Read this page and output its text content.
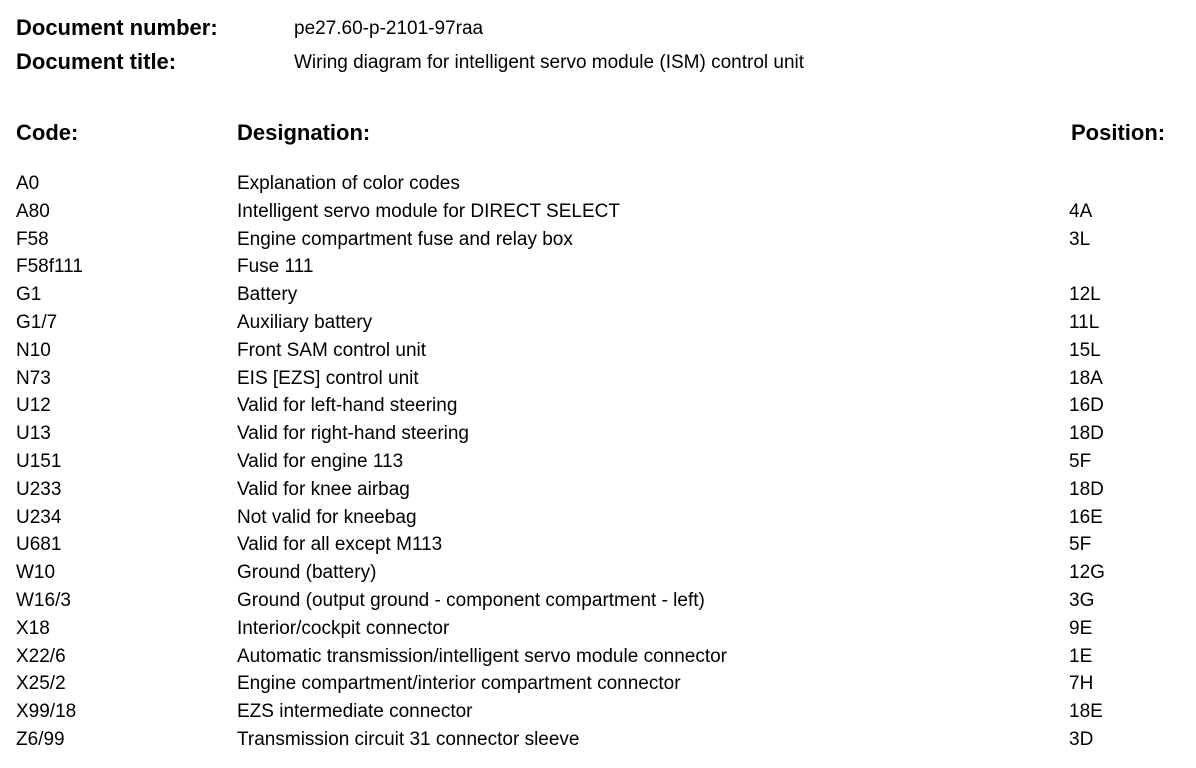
Document number:	pe27.60-p-2101-97raa
Document title:	Wiring diagram for intelligent servo module (ISM) control unit
Code:	Designation:	Position:
A0	Explanation of color codes
A80	Intelligent servo module for DIRECT SELECT	4A
F58	Engine compartment fuse and relay box	3L
F58f111	Fuse 111
G1	Battery	12L
G1/7	Auxiliary battery	11L
N10	Front SAM control unit	15L
N73	EIS [EZS] control unit	18A
U12	Valid for left-hand steering	16D
U13	Valid for right-hand steering	18D
U151	Valid for engine 113	5F
U233	Valid for knee airbag	18D
U234	Not valid for kneebag	16E
U681	Valid for all except M113	5F
W10	Ground (battery)	12G
W16/3	Ground (output ground - component compartment - left)	3G
X18	Interior/cockpit connector	9E
X22/6	Automatic transmission/intelligent servo module connector	1E
X25/2	Engine compartment/interior compartment connector	7H
X99/18	EZS intermediate connector	18E
Z6/99	Transmission circuit 31 connector sleeve	3D
